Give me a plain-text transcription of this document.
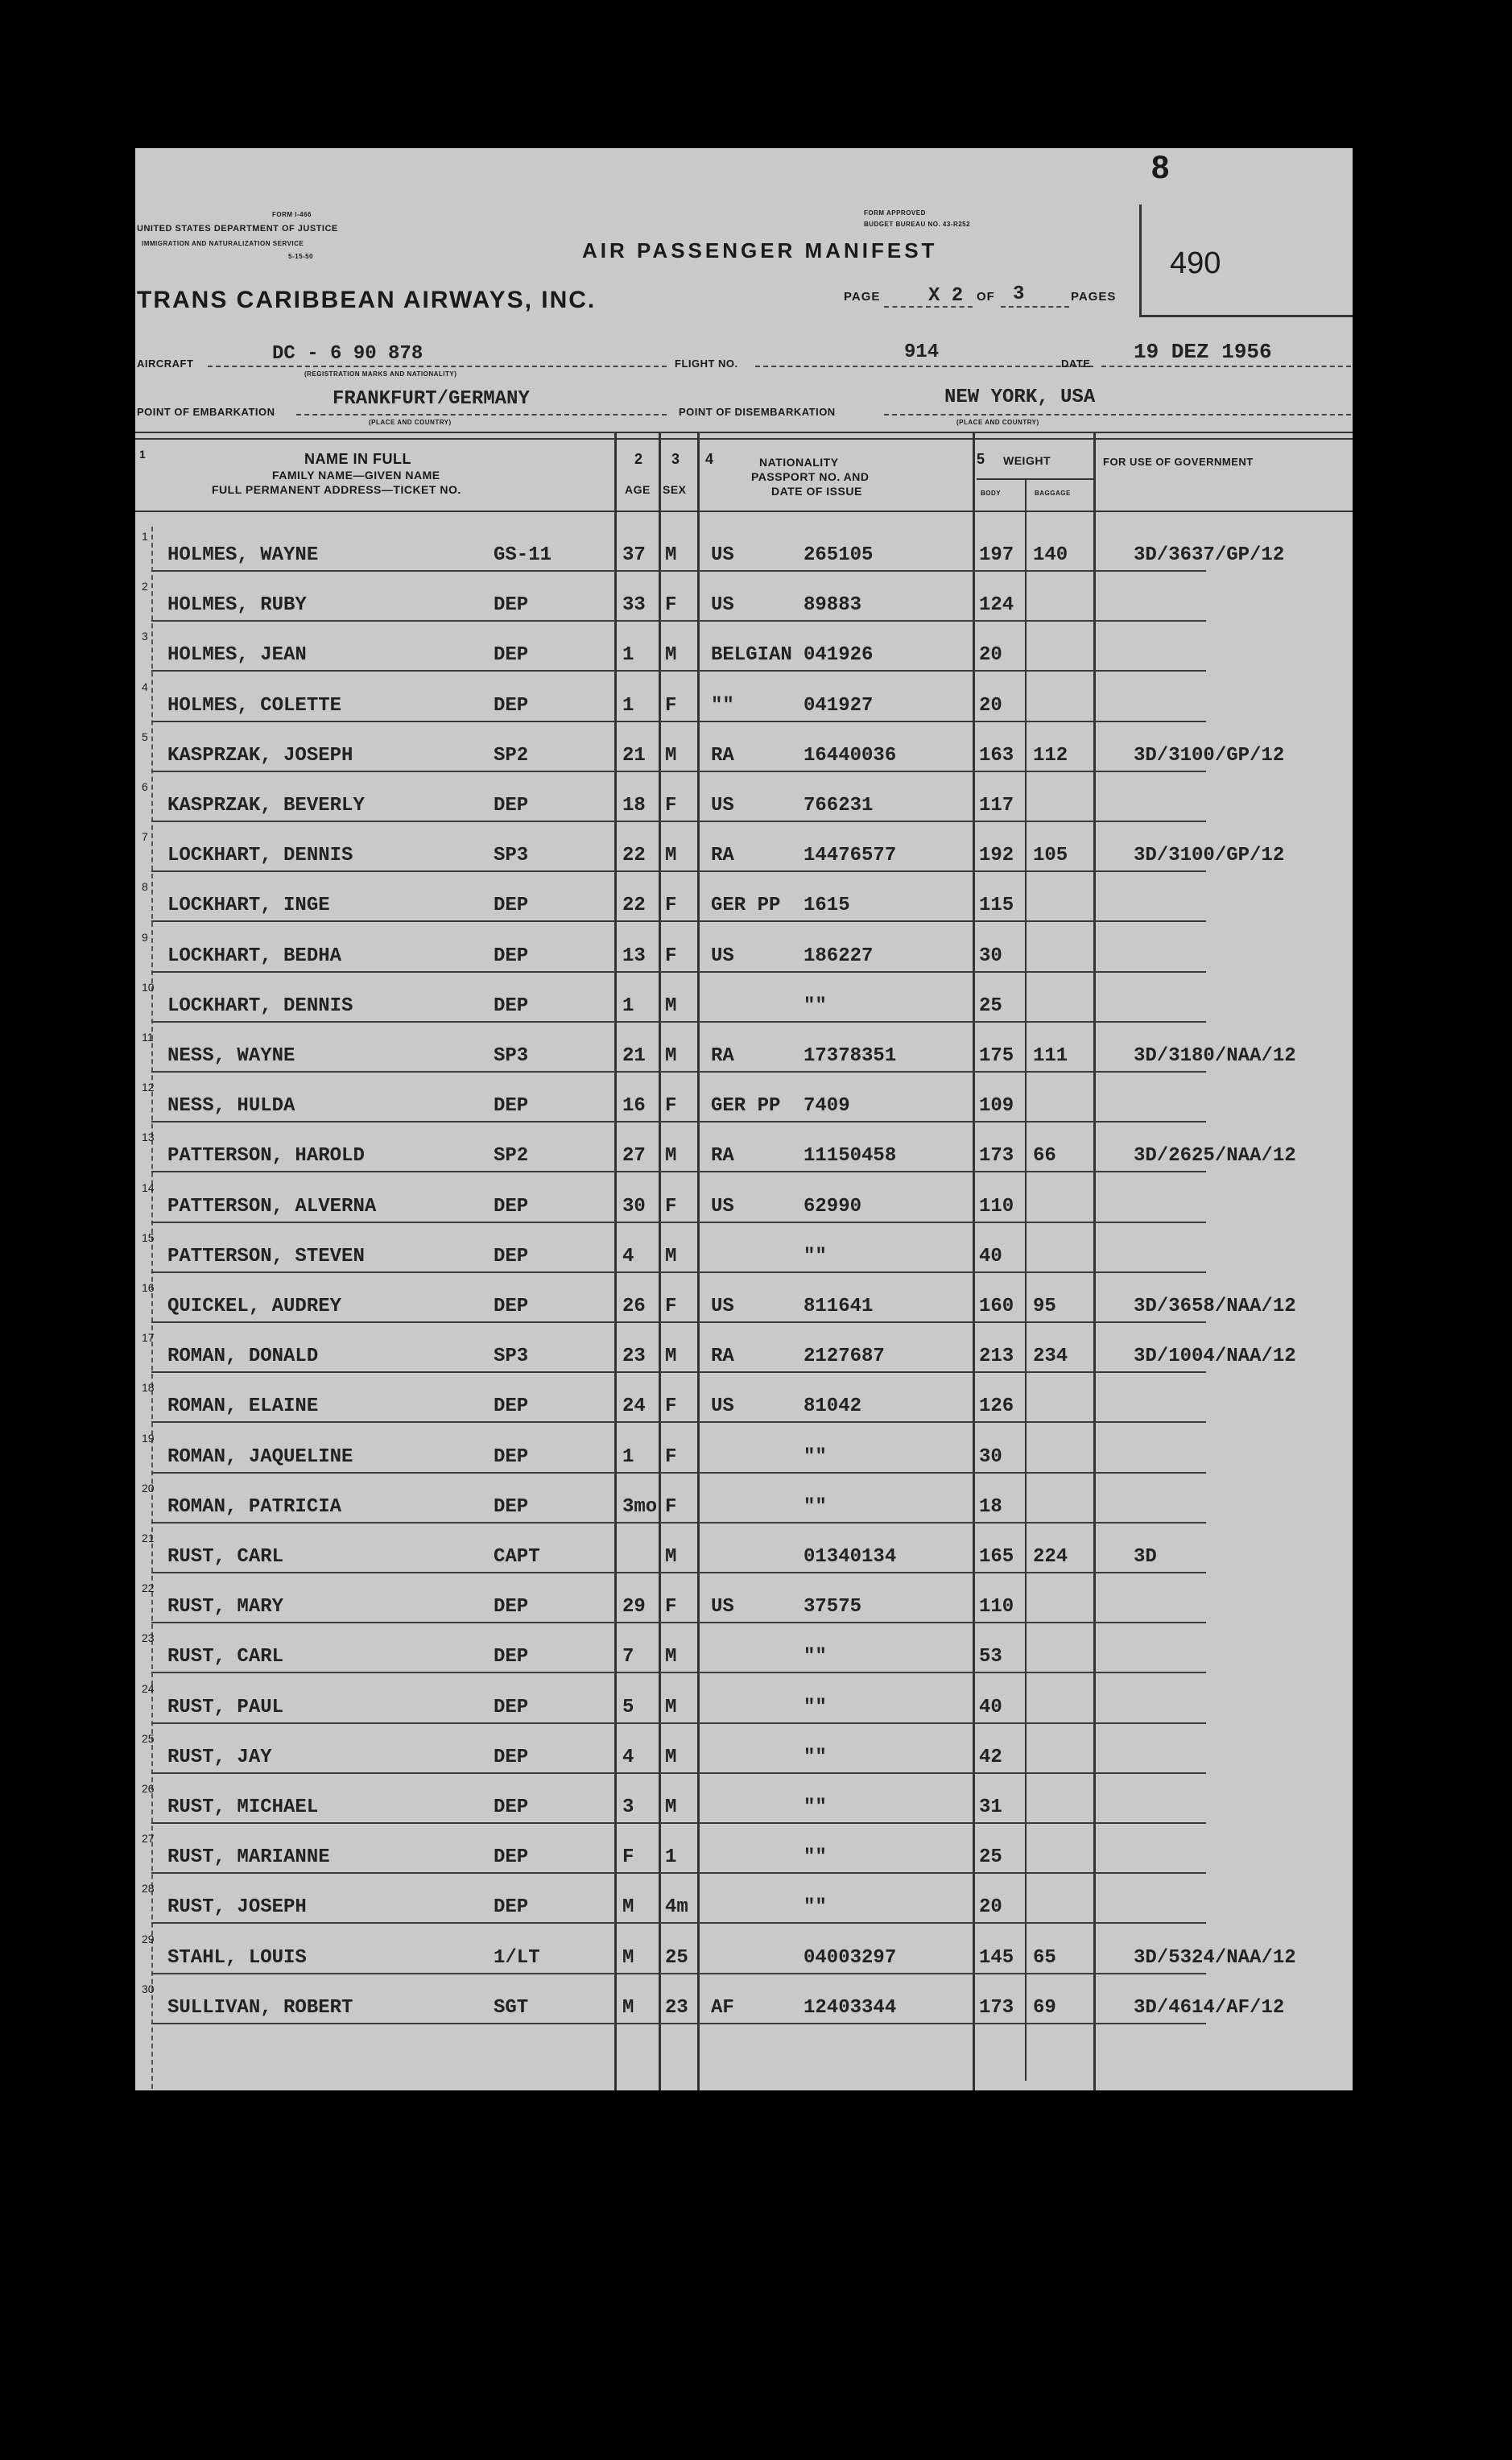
FORM I-466
UNITED STATES DEPARTMENT OF JUSTICE
IMMIGRATION AND NATURALIZATION SERVICE
5-15-50
FORM APPROVED
BUDGET BUREAU NO. 43-R252
AIR PASSENGER MANIFEST
TRANS CARIBBEAN AIRWAYS, INC.	PAGE X 2 OF 3	PAGES
490
8
AIRCRAFT	DC - 6 90 878
(REGISTRATION MARKS AND NATIONALITY)
FLIGHT NO.
914
DATE 19 DEZ 1956
POINT OF EMBARKATION
FRANKFURT/GERMANY
(PLACE AND COUNTRY)
POINT OF DISEMBARKATION
NEW YORK, USA
(PLACE AND COUNTRY)
1	NAME IN FULL
FAMILY NAME—GIVEN NAME
FULL PERMANENT ADDRESS—TICKET NO.
2
AGE
3
SEX
4	NATIONALITY
PASSPORT NO. AND
DATE OF ISSUE
5 WEIGHT
BODY	BAGGAGE
FOR USE OF GOVERNMENT
1
HOLMES, WAYNE	GS-11	37 M US	265105	197 140	3D/3637/GP/12
2
HOLMES, RUBY	DEP	33 F US	89883	124
3
HOLMES, JEAN	DEP	1 M BELGIAN 041926	20
4
HOLMES, COLETTE	DEP	1 F ""	041927	20
5
KASPRZAK, JOSEPH	SP2	21 M RA	16440036	163 112	3D/3100/GP/12
6
KASPRZAK, BEVERLY	DEP	18 F US	766231	117
7
LOCKHART, DENNIS	SP3	22 M RA	14476577	192 105	3D/3100/GP/12
8
LOCKHART, INGE	DEP	22 F GER PP 1615	115
9
LOCKHART, BEDHA	DEP	13 F US	186227	30
10
LOCKHART, DENNIS	DEP	1 M	""	25
11
NESS, WAYNE	SP3	21 M RA	17378351	175 111	3D/3180/NAA/12
12
NESS, HULDA	DEP	16 F GER PP 7409	109
13
PATTERSON, HAROLD	SP2	27 M RA	11150458	173 66	3D/2625/NAA/12
14
PATTERSON, ALVERNA	DEP	30 F US	62990	110
15
PATTERSON, STEVEN	DEP	4 M	""	40
16
QUICKEL, AUDREY	DEP	26 F US	811641	160 95	3D/3658/NAA/12
17
ROMAN, DONALD	SP3	23 M RA	2127687	213 234	3D/1004/NAA/12
18
ROMAN, ELAINE	DEP	24 F US	81042	126
19
ROMAN, JAQUELINE	DEP	1 F	""	30
20
ROMAN, PATRICIA	DEP	3mo F	""	18
21
RUST, CARL	CAPT	M	01340134	165 224	3D
22
RUST, MARY	DEP	29 F US	37575	110
23
RUST, CARL	DEP	7 M	""	53
24
RUST, PAUL	DEP	5 M	""	40
25
RUST, JAY	DEP	4 M	""	42
26
RUST, MICHAEL	DEP	3 M	""	31
27
RUST, MARIANNE	DEP	F 1	""	25
28
RUST, JOSEPH	DEP	M 4m	""	20
29
STAHL, LOUIS	1/LT	M 25	04003297	145 65	3D/5324/NAA/12
30
SULLIVAN, ROBERT	SGT	M 23 AF	12403344	173 69	3D/4614/AF/12
